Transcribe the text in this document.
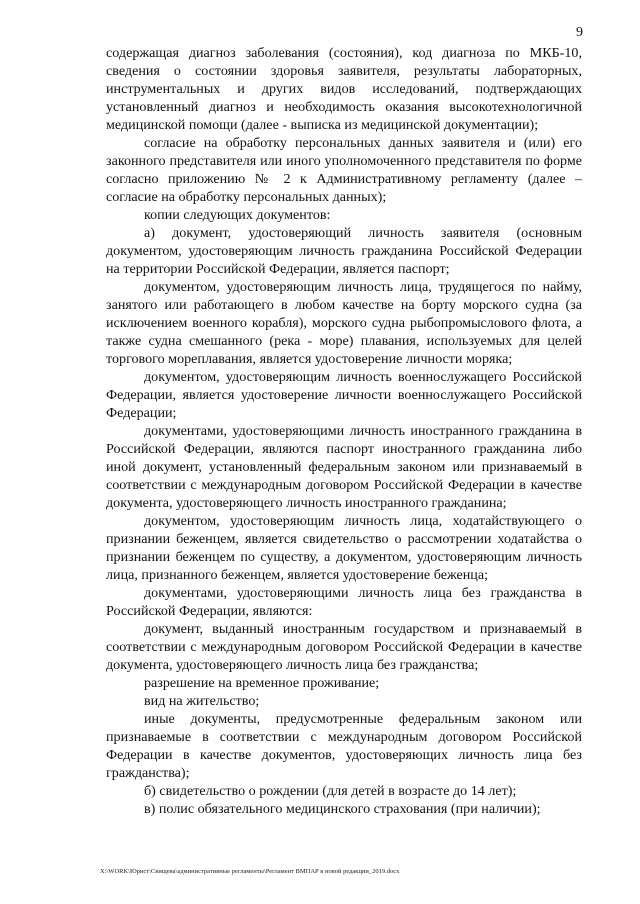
9

содержащая диагноз заболевания (состояния), код диагноза по МКБ-10, сведения о состоянии здоровья заявителя, результаты лабораторных, инструментальных и других видов исследований, подтверждающих установленный диагноз и необходимость оказания высокотехнологичной медицинской помощи (далее - выписка из медицинской документации);

согласие на обработку персональных данных заявителя и (или) его законного представителя или иного уполномоченного представителя по форме согласно приложению № 2 к Административному регламенту (далее – согласие на обработку персональных данных);

копии следующих документов:

а) документ, удостоверяющий личность заявителя (основным документом, удостоверяющим личность гражданина Российской Федерации на территории Российской Федерации, является паспорт;

документом, удостоверяющим личность лица, трудящегося по найму, занятого или работающего в любом качестве на борту морского судна (за исключением военного корабля), морского судна рыбопромыслового флота, а также судна смешанного (река - море) плавания, используемых для целей торгового мореплавания, является удостоверение личности моряка;

документом, удостоверяющим личность военнослужащего Российской Федерации, является удостоверение личности военнослужащего Российской Федерации;

документами, удостоверяющими личность иностранного гражданина в Российской Федерации, являются паспорт иностранного гражданина либо иной документ, установленный федеральным законом или признаваемый в соответствии с международным договором Российской Федерации в качестве документа, удостоверяющего личность иностранного гражданина;

документом, удостоверяющим личность лица, ходатайствующего о признании беженцем, является свидетельство о рассмотрении ходатайства о признании беженцем по существу, а документом, удостоверяющим личность лица, признанного беженцем, является удостоверение беженца;

документами, удостоверяющими личность лица без гражданства в Российской Федерации, являются:

документ, выданный иностранным государством и признаваемый в соответствии с международным договором Российской Федерации в качестве документа, удостоверяющего личность лица без гражданства;

разрешение на временное проживание;

вид на жительство;

иные документы, предусмотренные федеральным законом или признаваемые в соответствии с международным договором Российской Федерации в качестве документов, удостоверяющих личность лица без гражданства);

б) свидетельство о рождении (для детей в возрасте до 14 лет);

в) полис обязательного медицинского страхования (при наличии);

X:\WORK\Юрист\Свищева\административные регламенты\Регламент ВМПАР в новой редакции_2019.docx
